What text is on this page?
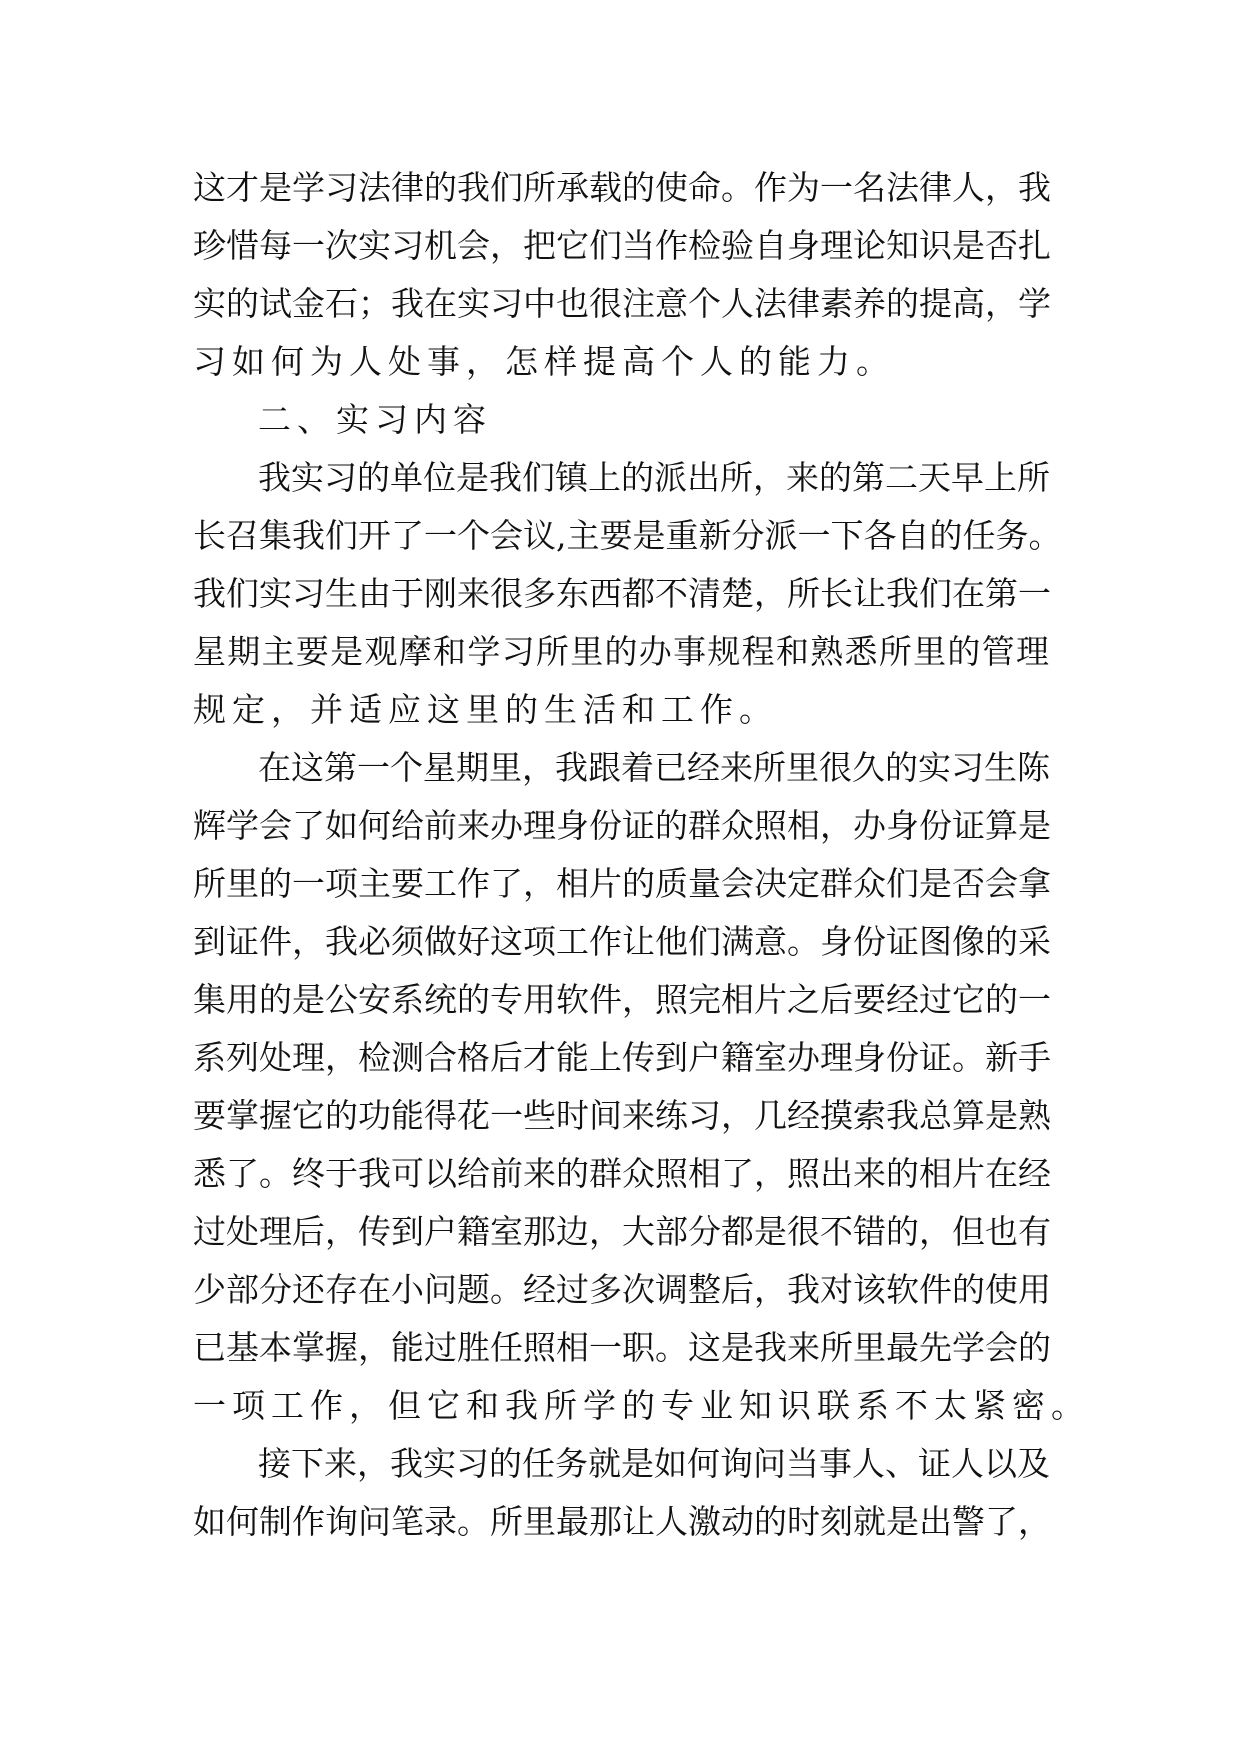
这才是学习法律的我们所承载的使命。作为一名法律人，我
珍惜每一次实习机会，把它们当作检验自身理论知识是否扎
实的试金石；我在实习中也很注意个人法律素养的提高，学
习如何为人处事，怎样提高个人的能力。
二、实习内容
我实习的单位是我们镇上的派出所，来的第二天早上所
长召集我们开了一个会议,主要是重新分派一下各自的任务。
我们实习生由于刚来很多东西都不清楚，所长让我们在第一
星期主要是观摩和学习所里的办事规程和熟悉所里的管理
规定，并适应这里的生活和工作。
在这第一个星期里，我跟着已经来所里很久的实习生陈
辉学会了如何给前来办理身份证的群众照相，办身份证算是
所里的一项主要工作了，相片的质量会决定群众们是否会拿
到证件，我必须做好这项工作让他们满意。身份证图像的采
集用的是公安系统的专用软件，照完相片之后要经过它的一
系列处理，检测合格后才能上传到户籍室办理身份证。新手
要掌握它的功能得花一些时间来练习，几经摸索我总算是熟
悉了。终于我可以给前来的群众照相了，照出来的相片在经
过处理后，传到户籍室那边，大部分都是很不错的，但也有
少部分还存在小问题。经过多次调整后，我对该软件的使用
已基本掌握，能过胜任照相一职。这是我来所里最先学会的
一项工作，但它和我所学的专业知识联系不太紧密。
接下来，我实习的任务就是如何询问当事人、证人以及
如何制作询问笔录。所里最那让人激动的时刻就是出警了，
